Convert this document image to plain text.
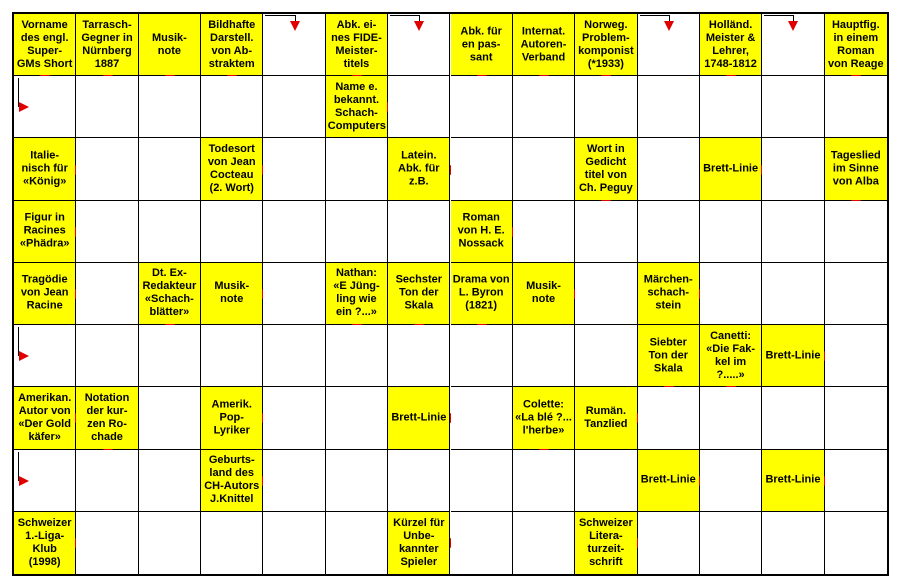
Vorname des engl. Super-GMs Short
Tarrasch-Gegner in Nürnberg 1887
Musik-note
Bildhafte Darstell. von Ab-straktem
Abk. ei-nes FIDE-Meister-titels
Abk. für en pas-sant
Internat. Autoren-Verband
Norweg. Problem-komponist (*1933)
Holländ. Meister & Lehrer, 1748-1812
Hauptfig. in einem Roman von Reage
Name e. bekannt. Schach-Computers
Italie-nisch für «König»
Todesort von Jean Cocteau (2. Wort)
Latein. Abk. für z.B.
Wort in Gedicht titel von Ch. Peguy
Brett-Linie
Tageslied im Sinne von Alba
Figur in Racines «Phädra»
Roman von H. E. Nossack
Tragödie von Jean Racine
Dt. Ex-Redakteur «Schach-blätter»
Musik-note
Nathan: «E Jüng-ling wie ein ?...»
Sechster Ton der Skala
Drama von L. Byron (1821)
Musik-note
Märchen-schach-stein
Siebter Ton der Skala
Canetti: «Die Fak-kel im ?.....»
Brett-Linie
Amerikan. Autor von «Der Gold käfer»
Notation der kur-zen Ro-chade
Amerik. Pop-Lyriker
Brett-Linie
Colette: «La blé ?... l'herbe»
Rumän. Tanzlied
Geburts-land des CH-Autors J.Knittel
Brett-Linie	Brett-Linie
Schweizer 1.-Liga-Klub (1998)
Kürzel für Unbe-kannter Spieler
Schweizer Litera-turzeit-schrift
